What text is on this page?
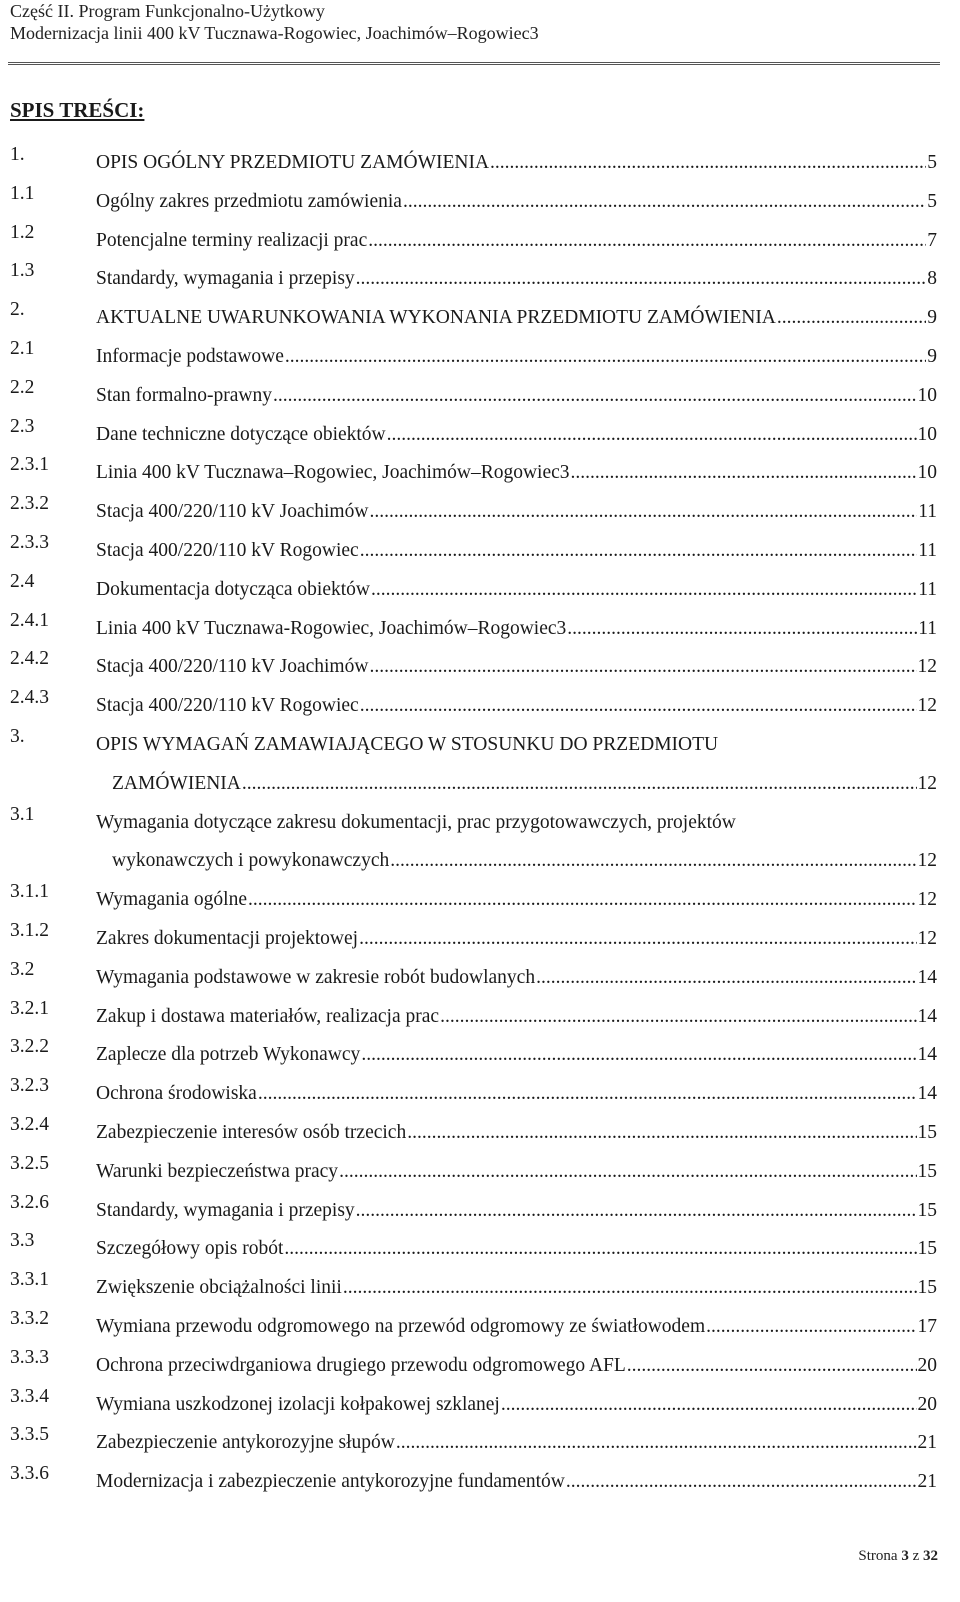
Część II. Program Funkcjonalno-Użytkowy
Modernizacja linii 400 kV Tucznawa-Rogowiec, Joachimów–Rogowiec3
SPIS TREŚCI:
1.	OPIS OGÓLNY PRZEDMIOTU ZAMÓWIENIA .....	5
1.1	Ogólny zakres przedmiotu zamówienia .....	5
1.2	Potencjalne terminy realizacji prac .....	7
1.3	Standardy, wymagania i przepisy .....	8
2.	AKTUALNE UWARUNKOWANIA WYKONANIA PRZEDMIOTU ZAMÓWIENIA .....	9
2.1	Informacje podstawowe .....	9
2.2	Stan formalno-prawny .....	10
2.3	Dane techniczne dotyczące obiektów .....	10
2.3.1 Linia 400 kV Tucznawa–Rogowiec, Joachimów–Rogowiec3 .....	10
2.3.2 Stacja 400/220/110 kV Joachimów .....	11
2.3.3 Stacja 400/220/110 kV Rogowiec .....	11
2.4	Dokumentacja dotycząca obiektów .....	11
2.4.1 Linia 400 kV Tucznawa-Rogowiec, Joachimów–Rogowiec3 .....	11
2.4.2 Stacja 400/220/110 kV Joachimów .....	12
2.4.3 Stacja 400/220/110 kV Rogowiec .....	12
3.	OPIS WYMAGAŃ ZAMAWIAJĄCEGO W STOSUNKU DO PRZEDMIOTU
ZAMÓWIENIA .....	12
3.1	Wymagania dotyczące zakresu dokumentacji, prac przygotowawczych, projektów
wykonawczych i powykonawczych .....	12
3.1.1 Wymagania ogólne .....	12
3.1.2 Zakres dokumentacji projektowej .....	12
3.2	Wymagania podstawowe w zakresie robót budowlanych .....	14
3.2.1 Zakup i dostawa materiałów, realizacja prac .....	14
3.2.2 Zaplecze dla potrzeb Wykonawcy .....	14
3.2.3 Ochrona środowiska .....	14
3.2.4 Zabezpieczenie interesów osób trzecich .....	15
3.2.5 Warunki bezpieczeństwa pracy .....	15
3.2.6 Standardy, wymagania i przepisy .....	15
3.3	Szczegółowy opis robót .....	15
3.3.1 Zwiększenie obciążalności linii .....	15
3.3.2 Wymiana przewodu odgromowego na przewód odgromowy ze światłowodem .....	17
3.3.3 Ochrona przeciwdrganiowa drugiego przewodu odgromowego AFL .....	20
3.3.4 Wymiana uszkodzonej izolacji kołpakowej szklanej .....	20
3.3.5 Zabezpieczenie antykorozyjne słupów .....	21
3.3.6 Modernizacja i zabezpieczenie antykorozyjne fundamentów .....	21
Strona 3 z 32
